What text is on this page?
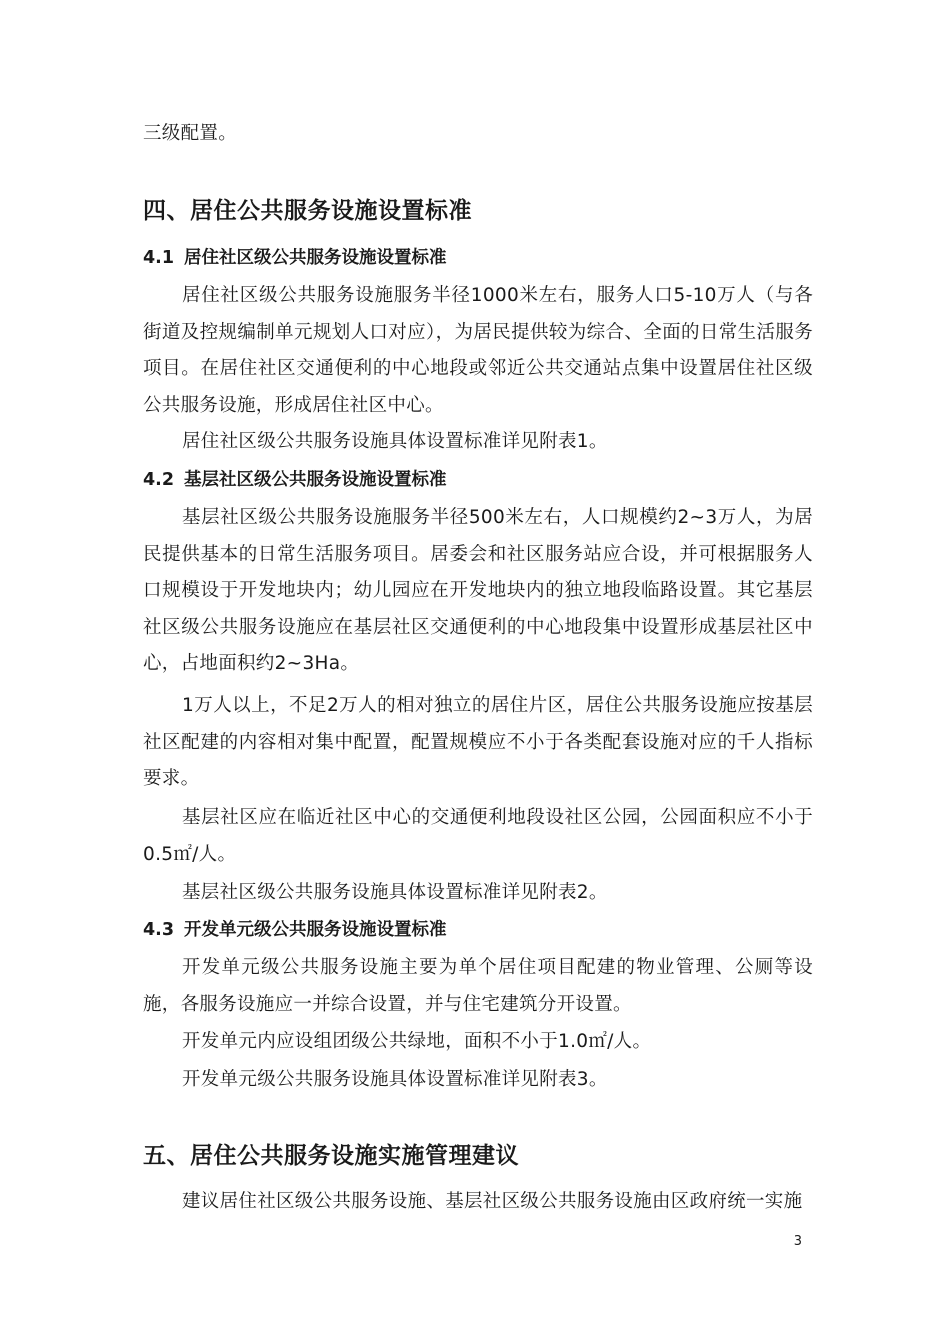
三级配置。

四、居住公共服务设施设置标准
4.1 居住社区级公共服务设施设置标准

居住社区级公共服务设施服务半径1000米左右，服务人口5-10万人（与各街道及控规编制单元规划人口对应），为居民提供较为综合、全面的日常生活服务项目。在居住社区交通便利的中心地段或邻近公共交通站点集中设置居住社区级公共服务设施，形成居住社区中心。

居住社区级公共服务设施具体设置标准详见附表1。

4.2 基层社区级公共服务设施设置标准

基层社区级公共服务设施服务半径500米左右，人口规模约2~3万人，为居民提供基本的日常生活服务项目。居委会和社区服务站应合设，并可根据服务人口规模设于开发地块内；幼儿园应在开发地块内的独立地段临路设置。其它基层社区级公共服务设施应在基层社区交通便利的中心地段集中设置形成基层社区中心，占地面积约2~3Ha。

1万人以上，不足2万人的相对独立的居住片区，居住公共服务设施应按基层社区配建的内容相对集中配置，配置规模应不小于各类配套设施对应的千人指标要求。

基层社区应在临近社区中心的交通便利地段设社区公园，公园面积应不小于0.5㎡/人。

基层社区级公共服务设施具体设置标准详见附表2。

4.3 开发单元级公共服务设施设置标准

开发单元级公共服务设施主要为单个居住项目配建的物业管理、公厕等设施，各服务设施应一并综合设置，并与住宅建筑分开设置。

开发单元内应设组团级公共绿地，面积不小于1.0㎡/人。

开发单元级公共服务设施具体设置标准详见附表3。

五、居住公共服务设施实施管理建议

建议居住社区级公共服务设施、基层社区级公共服务设施由区政府统一实施

3
